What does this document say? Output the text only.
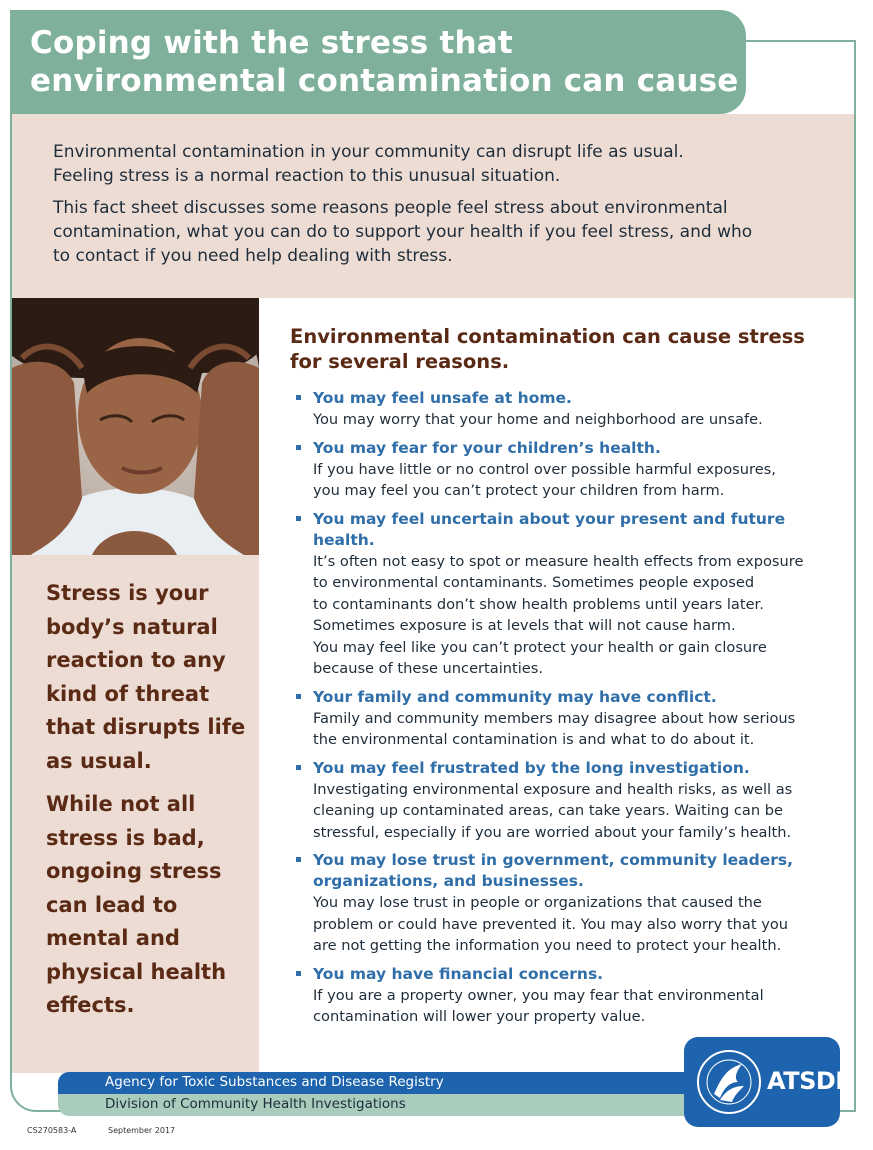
Coping with the stress that
environmental contamination can cause

Environmental contamination in your community can disrupt life as usual.
Feeling stress is a normal reaction to this unusual situation.

This fact sheet discusses some reasons people feel stress about environmental
contamination, what you can do to support your health if you feel stress, and who
to contact if you need help dealing with stress.

Stress is your
body’s natural
reaction to any
kind of threat
that disrupts life
as usual.

While not all
stress is bad,
ongoing stress
can lead to
mental and
physical health
effects.

Environmental contamination can cause stress
for several reasons.
You may feel unsafe at home.
You may worry that your home and neighborhood are unsafe.
You may fear for your children’s health.
If you have little or no control over possible harmful exposures,
you may feel you can’t protect your children from harm.
You may feel uncertain about your present and future health.
It’s often not easy to spot or measure health effects from exposure
to environmental contaminants. Sometimes people exposed
to contaminants don’t show health problems until years later.
Sometimes exposure is at levels that will not cause harm.
You may feel like you can’t protect your health or gain closure
because of these uncertainties.
Your family and community may have conflict.
Family and community members may disagree about how serious
the environmental contamination is and what to do about it.
You may feel frustrated by the long investigation.
Investigating environmental exposure and health risks, as well as
cleaning up contaminated areas, can take years. Waiting can be
stressful, especially if you are worried about your family’s health.
You may lose trust in government, community leaders,
organizations, and businesses.
You may lose trust in people or organizations that caused the
problem or could have prevented it. You may also worry that you
are not getting the information you need to protect your health.
You may have financial concerns.
If you are a property owner, you may fear that environmental
contamination will lower your property value.
Agency for Toxic Substances and Disease Registry
Division of Community Health Investigations
ATSDR
CS270583-A	September 2017
